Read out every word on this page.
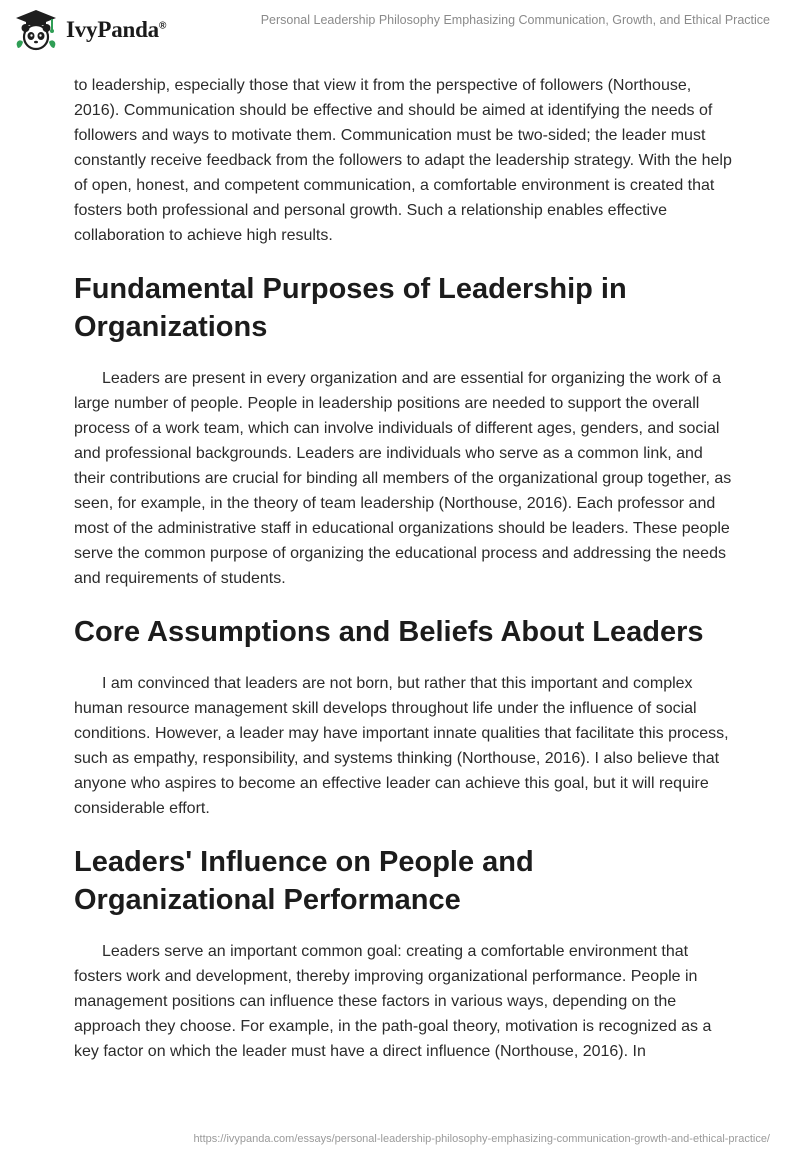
IvyPanda®	Personal Leadership Philosophy Emphasizing Communication, Growth, and Ethical Practice

to leadership, especially those that view it from the perspective of followers (Northouse, 2016). Communication should be effective and should be aimed at identifying the needs of followers and ways to motivate them. Communication must be two-sided; the leader must constantly receive feedback from the followers to adapt the leadership strategy. With the help of open, honest, and competent communication, a comfortable environment is created that fosters both professional and personal growth. Such a relationship enables effective collaboration to achieve high results.

Fundamental Purposes of Leadership in Organizations

Leaders are present in every organization and are essential for organizing the work of a large number of people. People in leadership positions are needed to support the overall process of a work team, which can involve individuals of different ages, genders, and social and professional backgrounds. Leaders are individuals who serve as a common link, and their contributions are crucial for binding all members of the organizational group together, as seen, for example, in the theory of team leadership (Northouse, 2016). Each professor and most of the administrative staff in educational organizations should be leaders. These people serve the common purpose of organizing the educational process and addressing the needs and requirements of students.

Core Assumptions and Beliefs About Leaders

I am convinced that leaders are not born, but rather that this important and complex human resource management skill develops throughout life under the influence of social conditions. However, a leader may have important innate qualities that facilitate this process, such as empathy, responsibility, and systems thinking (Northouse, 2016). I also believe that anyone who aspires to become an effective leader can achieve this goal, but it will require considerable effort.

Leaders' Influence on People and Organizational Performance

Leaders serve an important common goal: creating a comfortable environment that fosters work and development, thereby improving organizational performance. People in management positions can influence these factors in various ways, depending on the approach they choose. For example, in the path-goal theory, motivation is recognized as a key factor on which the leader must have a direct influence (Northouse, 2016). In

https://ivypanda.com/essays/personal-leadership-philosophy-emphasizing-communication-growth-and-ethical-practice/
